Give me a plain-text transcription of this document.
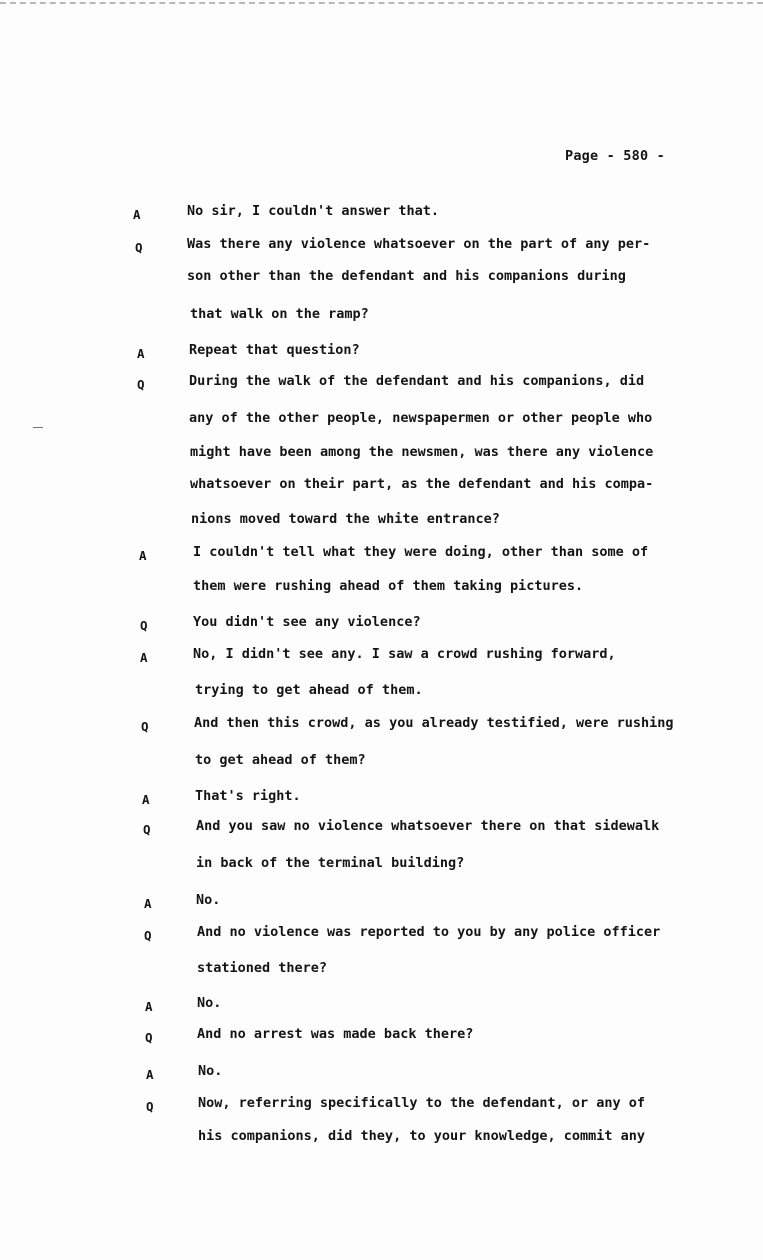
Page - 580 -
A	No sir, I couldn't answer that.
Q	Was there any violence whatsoever on the part of any per-
son other than the defendant and his companions during
that walk on the ramp?
A	Repeat that question?
Q	During the walk of the defendant and his companions, did
any of the other people, newspapermen or other people who
might have been among the newsmen, was there any violence
whatsoever on their part, as the defendant and his compa-
nions moved toward the white entrance?
A	I couldn't tell what they were doing, other than some of
them were rushing ahead of them taking pictures.
Q	You didn't see any violence?
A	No, I didn't see any. I saw a crowd rushing forward,
trying to get ahead of them.
Q	And then this crowd, as you already testified, were rushing
to get ahead of them?
A	That's right.
Q	And you saw no violence whatsoever there on that sidewalk
in back of the terminal building?
A	No.
Q	And no violence was reported to you by any police officer
stationed there?
A	No.
Q	And no arrest was made back there?
A	No.
Q	Now, referring specifically to the defendant, or any of
his companions, did they, to your knowledge, commit any
